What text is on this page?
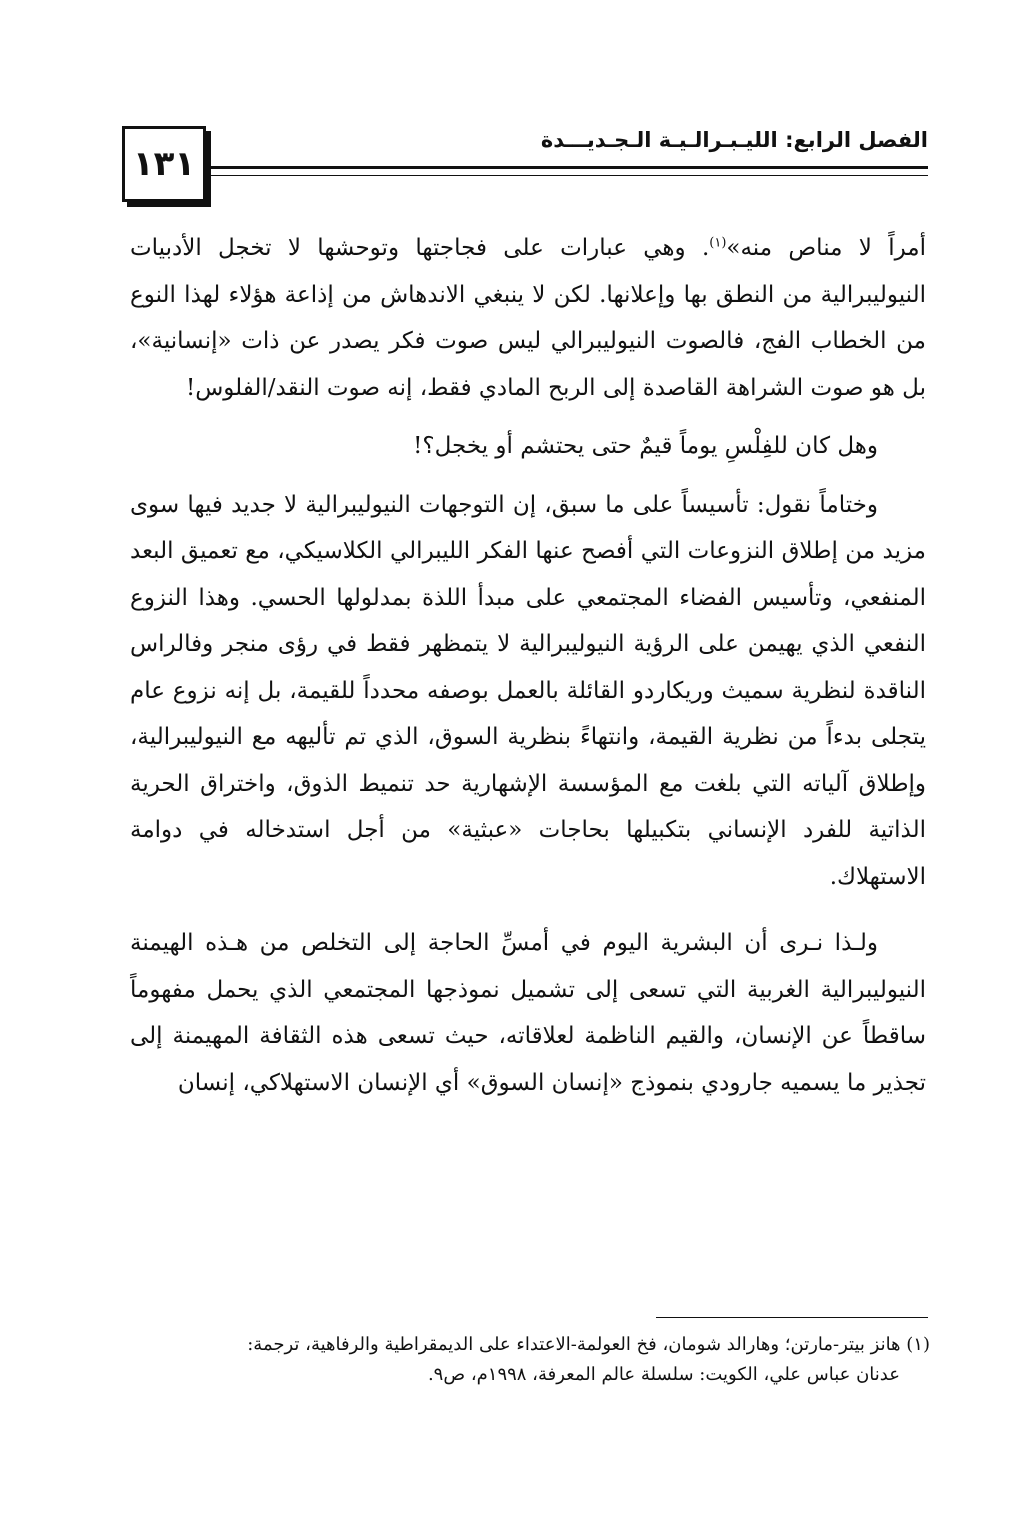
١٣١
الفصل الرابع: الليـبـرالـيـة الـجـديـــدة

أمراً لا مناص منه»$^{(١)}$. وهي عبارات على فجاجتها وتوحشها لا تخجل الأدبيات النيوليبرالية من النطق بها وإعلانها. لكن لا ينبغي الاندهاش من إذاعة هؤلاء لهذا النوع من الخطاب الفج، فالصوت النيوليبرالي ليس صوت فكر يصدر عن ذات «إنسانية»، بل هو صوت الشراهة القاصدة إلى الربح المادي فقط، إنه صوت النقد/الفلوس!

وهل كان للفِلْسِ يوماً قيمٌ حتى يحتشم أو يخجل؟!

وختاماً نقول: تأسيساً على ما سبق، إن التوجهات النيوليبرالية لا جديد فيها سوى مزيد من إطلاق النزوعات التي أفصح عنها الفكر الليبرالي الكلاسيكي، مع تعميق البعد المنفعي، وتأسيس الفضاء المجتمعي على مبدأ اللذة بمدلولها الحسي. وهذا النزوع النفعي الذي يهيمن على الرؤية النيوليبرالية لا يتمظهر فقط في رؤى منجر وفالراس الناقدة لنظرية سميث وريكاردو القائلة بالعمل بوصفه محدداً للقيمة، بل إنه نزوع عام يتجلى بدءاً من نظرية القيمة، وانتهاءً بنظرية السوق، الذي تم تأليهه مع النيوليبرالية، وإطلاق آلياته التي بلغت مع المؤسسة الإشهارية حد تنميط الذوق، واختراق الحرية الذاتية للفرد الإنساني بتكبيلها بحاجات «عبثية» من أجل استدخاله في دوامة الاستهلاك.

ولـذا نـرى أن البشرية اليوم في أمسِّ الحاجة إلى التخلص من هـذه الهيمنة النيوليبرالية الغربية التي تسعى إلى تشميل نموذجها المجتمعي الذي يحمل مفهوماً ساقطاً عن الإنسان، والقيم الناظمة لعلاقاته، حيث تسعى هذه الثقافة المهيمنة إلى تجذير ما يسميه جارودي بنموذج «إنسان السوق» أي الإنسان الاستهلاكي، إنسان

(١) هانز بيتر-مارتن؛ وهارالد شومان، فخ العولمة-الاعتداء على الديمقراطية والرفاهية، ترجمة:
عدنان عباس علي، الكويت: سلسلة عالم المعرفة، ١٩٩٨م، ص٩.
